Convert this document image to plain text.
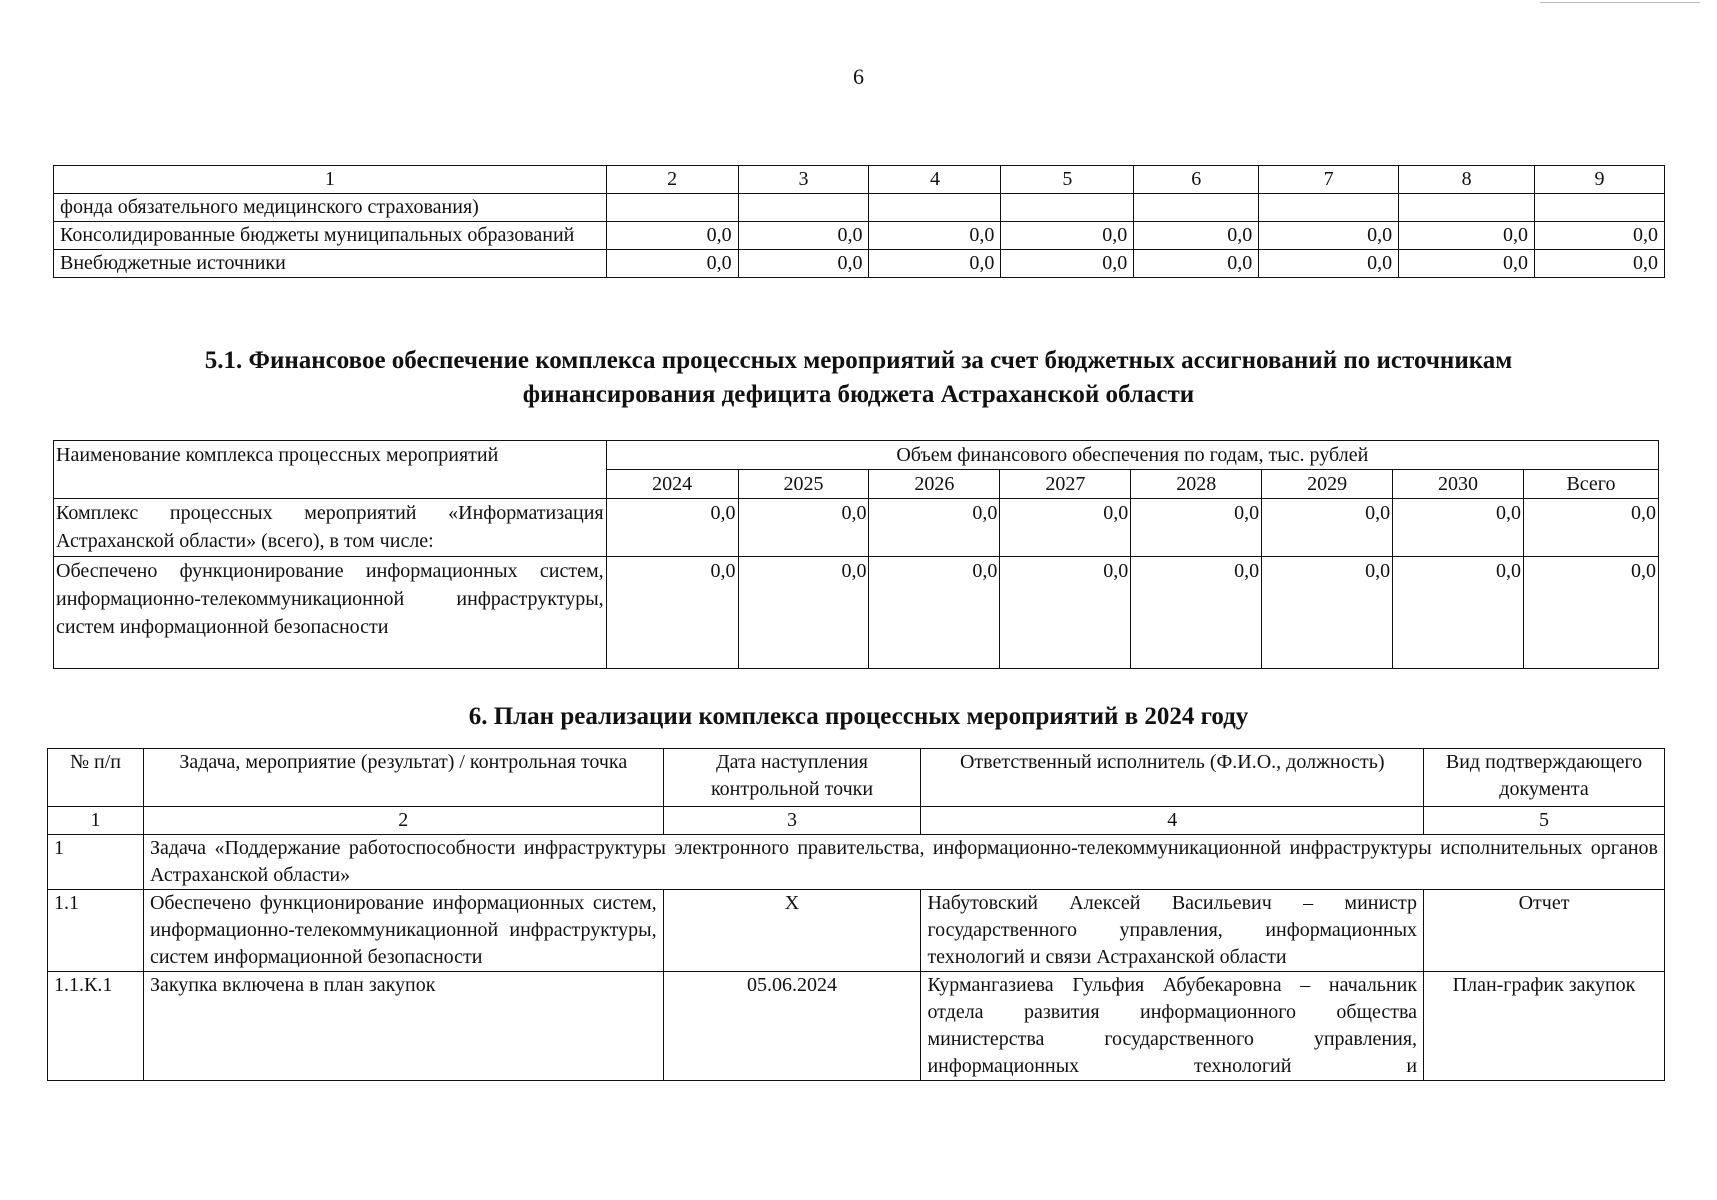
6
1	2	3	4	5	6	7	8	9
фонда обязательного медицинского страхования)								
Консолидированные бюджеты муниципальных образований	0,0	0,0	0,0	0,0	0,0	0,0	0,0	0,0
Внебюджетные источники	0,0	0,0	0,0	0,0	0,0	0,0	0,0	0,0
5.1. Финансовое обеспечение комплекса процессных мероприятий за счет бюджетных ассигнований по источникам
финансирования дефицита бюджета Астраханской области
Наименование комплекса процессных мероприятий	Объем финансового обеспечения по годам, тыс. рублей							
	2024	2025	2026	2027	2028	2029	2030	Всего
Комплекс процессных мероприятий «Информатизация Астраханской области» (всего), в том числе:	0,0	0,0	0,0	0,0	0,0	0,0	0,0	0,0
Обеспечено функционирование информационных систем, информационно-телекоммуникационной инфраструктуры, систем информационной безопасности	0,0	0,0	0,0	0,0	0,0	0,0	0,0	0,0
6. План реализации комплекса процессных мероприятий в 2024 году
№ п/п	Задача, мероприятие (результат) / контрольная точка	Дата наступления контрольной точки	Ответственный исполнитель (Ф.И.О., должность)	Вид подтверждающего документа
1	2	3	4	5
1	Задача «Поддержание работоспособности инфраструктуры электронного правительства, информационно-телекоммуникационной инфраструктуры исполнительных органов Астраханской области»			
1.1	Обеспечено функционирование информационных систем, информационно-телекоммуникационной инфраструктуры, систем информационной безопасности	X	Набутовский Алексей Васильевич – министр государственного управления, информационных технологий и связи Астраханской области	Отчет
1.1.К.1	Закупка включена в план закупок	05.06.2024	Курмангазиева Гульфия Абубекаровна – начальник отдела развития информационного общества министерства государственного управления, информационных технологий и	План-график закупок
